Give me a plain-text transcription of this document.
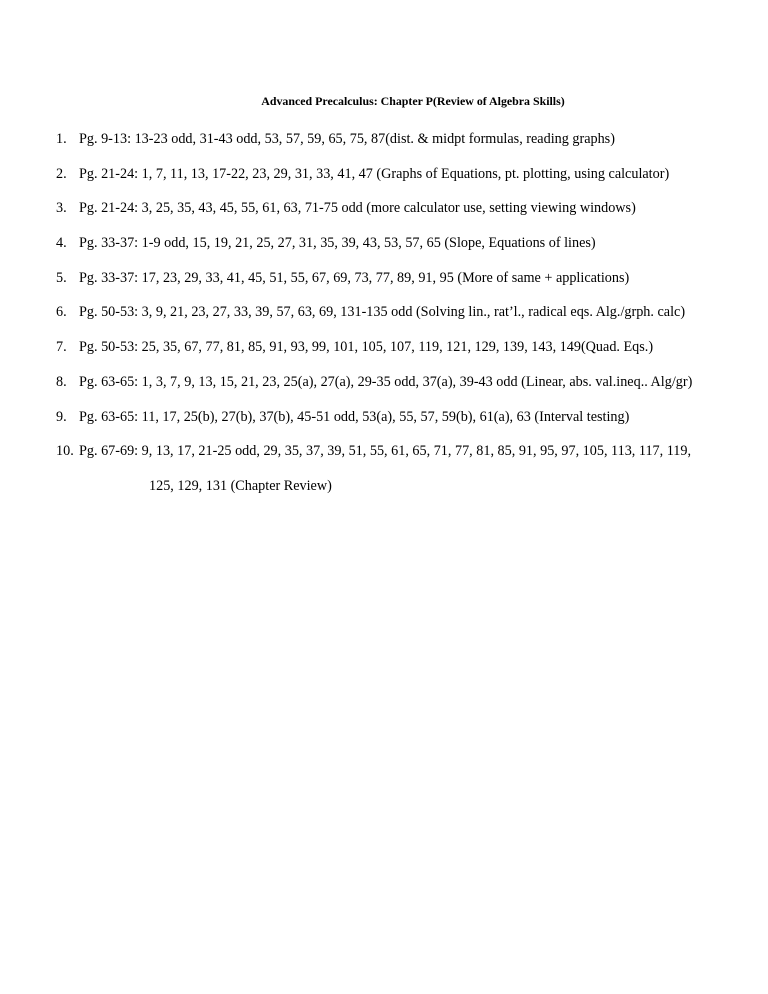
Advanced Precalculus: Chapter P(Review of Algebra Skills)
1. Pg. 9-13: 13-23 odd, 31-43 odd, 53, 57, 59, 65, 75, 87(dist. & midpt formulas, reading graphs)
2. Pg. 21-24: 1, 7, 11, 13, 17-22, 23, 29, 31, 33, 41, 47 (Graphs of Equations, pt. plotting, using calculator)
3. Pg. 21-24: 3, 25, 35, 43, 45, 55, 61, 63, 71-75 odd (more calculator use, setting viewing windows)
4. Pg. 33-37: 1-9 odd, 15, 19, 21, 25, 27, 31, 35, 39, 43, 53, 57, 65 (Slope, Equations of lines)
5. Pg. 33-37: 17, 23, 29, 33, 41, 45, 51, 55, 67, 69, 73, 77, 89, 91, 95 (More of same + applications)
6. Pg. 50-53: 3, 9, 21, 23, 27, 33, 39, 57, 63, 69, 131-135 odd (Solving lin., rat’l., radical eqs. Alg./grph. calc)
7. Pg. 50-53: 25, 35, 67, 77, 81, 85, 91, 93, 99, 101, 105, 107, 119, 121, 129, 139, 143, 149(Quad. Eqs.)
8. Pg. 63-65: 1, 3, 7, 9, 13, 15, 21, 23, 25(a), 27(a), 29-35 odd, 37(a), 39-43 odd (Linear, abs. val.ineq.. Alg/gr)
9. Pg. 63-65: 11, 17, 25(b), 27(b), 37(b), 45-51 odd, 53(a), 55, 57, 59(b), 61(a), 63 (Interval testing)
10. Pg. 67-69: 9, 13, 17, 21-25 odd, 29, 35, 37, 39, 51, 55, 61, 65, 71, 77, 81, 85, 91, 95, 97, 105, 113, 117, 119,
125, 129, 131 (Chapter Review)
